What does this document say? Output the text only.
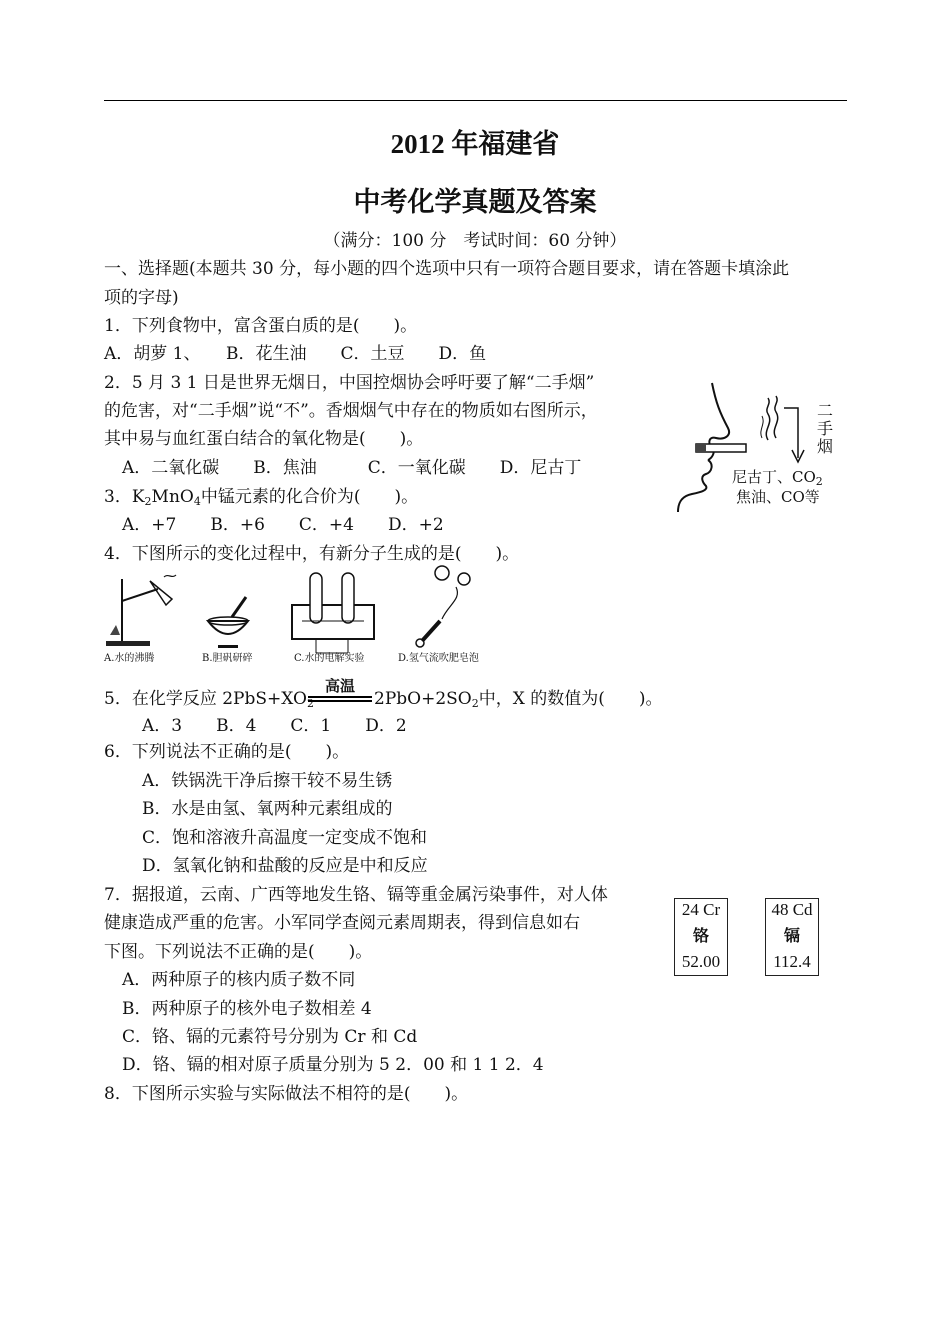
2012 年福建省
中考化学真题及答案
（满分：100 分　考试时间：60 分钟）
一、选择题(本题共 30 分，每小题的四个选项中只有一项符合题目要求，请在答题卡填涂此
项的字母)
1．下列食物中，富含蛋白质的是(　　)。
A．胡萝 1、　　B．花生油　　C．土豆　　D．鱼
2．5 月 3 1 日是世界无烟日，中国控烟协会呼吁要了解“二手烟”
的危害，对“二手烟”说“不”。香烟烟气中存在的物质如右图所示，
其中易与血红蛋白结合的氧化物是(　　)。
A．二氧化碳　　B．焦油　　　C．一氧化碳　　D．尼古丁
二
手
烟
尼古丁、$CO_2$
焦油、CO等
3．$K_2MnO_4$中锰元素的化合价为(　　)。
A．+7　　B．+6　　C．+4　　D．+2
4．下图所示的变化过程中，有新分子生成的是(　　)。
A.水的沸腾	B.胆矾研碎	C.水的电解实验	D.氢气流吹肥皂泡
5．在化学反应 $2PbS+XO_2$	$2PbO+2SO_2$中，X 的数值为(　　)。
高温
A．3　　B．4　　C．1　　D．2
6．下列说法不正确的是(　　)。
A．铁锅洗干净后擦干较不易生锈
B．水是由氢、氧两种元素组成的
C．饱和溶液升高温度一定变成不饱和
D．氢氧化钠和盐酸的反应是中和反应
7．据报道，云南、广西等地发生铬、镉等重金属污染事件，对人体
健康造成严重的危害。小军同学查阅元素周期表，得到信息如右
下图。下列说法不正确的是(　　)。
A．两种原子的核内质子数不同
B．两种原子的核外电子数相差 4
C．铬、镉的元素符号分别为 Cr 和 Cd
D．铬、镉的相对原子质量分别为 5 2．00 和 1 1 2．4
24 Cr
铬
52.00
48 Cd
镉
112.4
8．下图所示实验与实际做法不相符的是(　　)。
